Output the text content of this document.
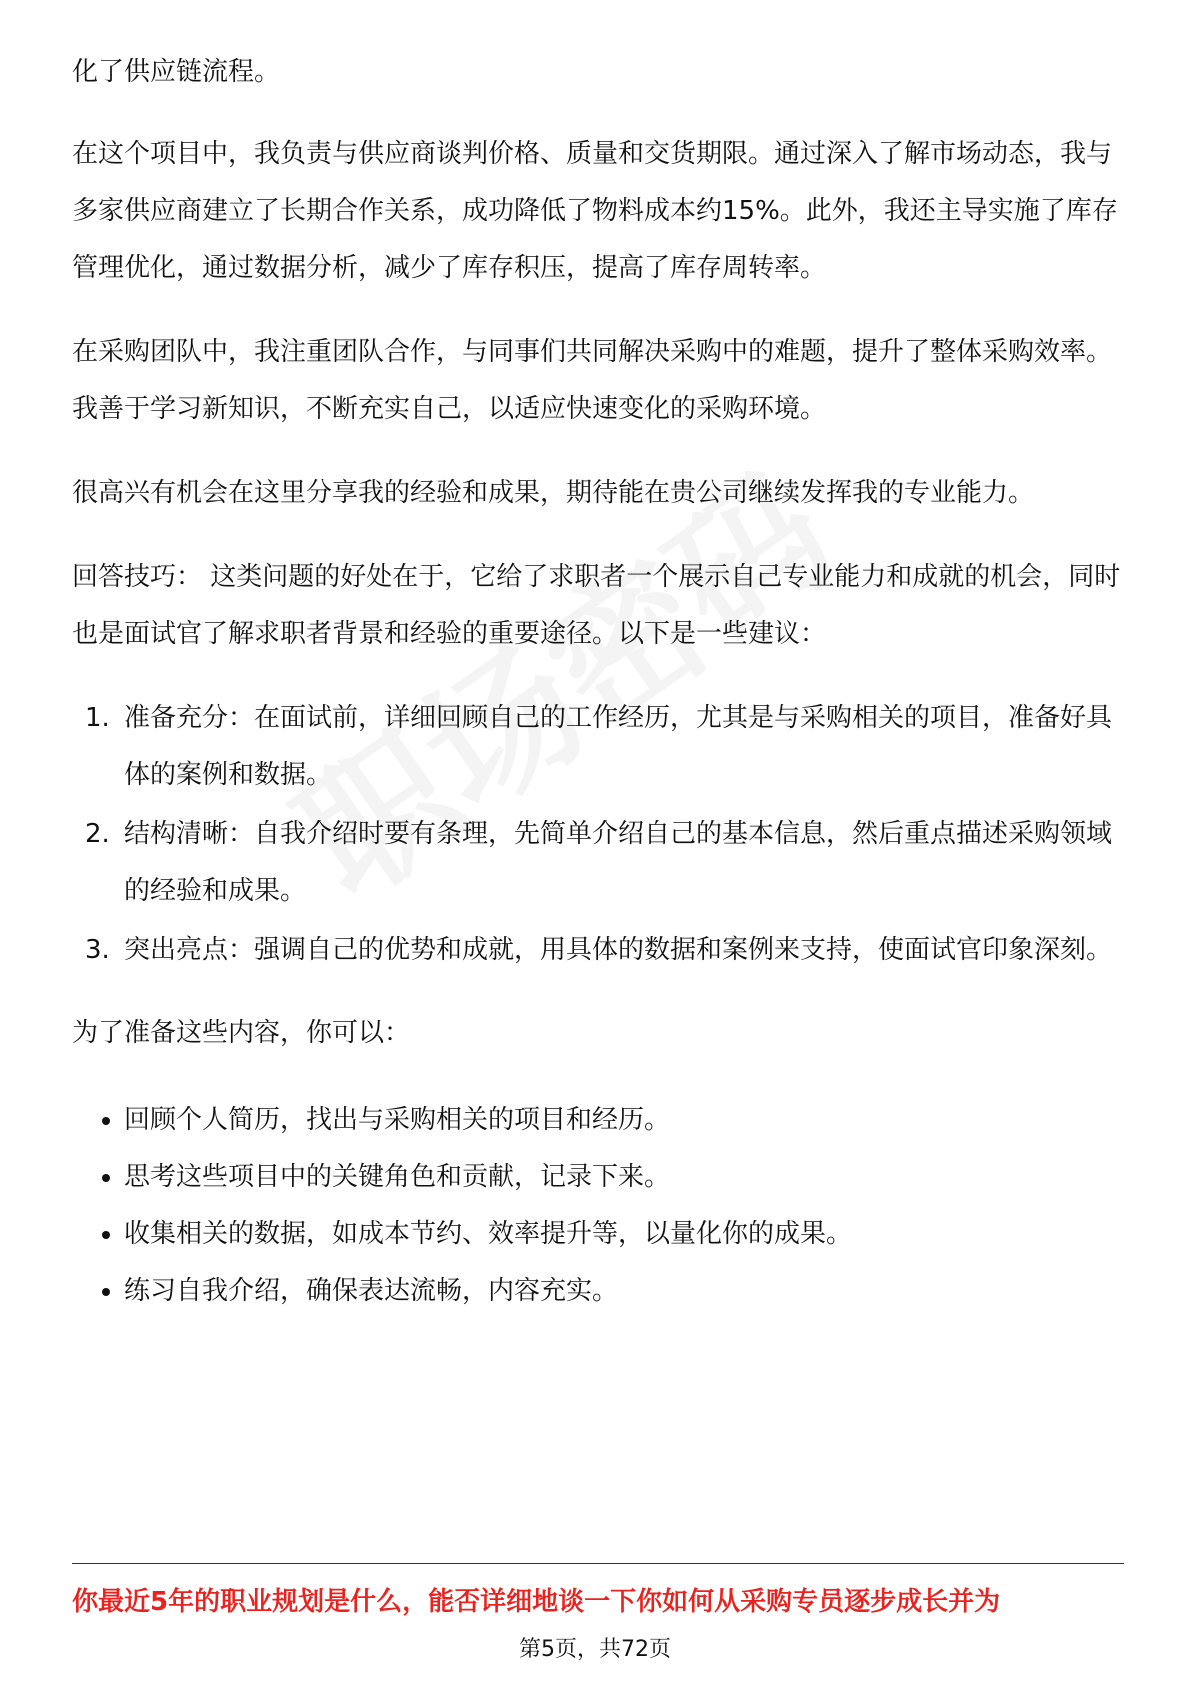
化了供应链流程。

在这个项目中，我负责与供应商谈判价格、质量和交货期限。通过深入了解市场动态，我与多家供应商建立了长期合作关系，成功降低了物料成本约15%。此外，我还主导实施了库存管理优化，通过数据分析，减少了库存积压，提高了库存周转率。

在采购团队中，我注重团队合作，与同事们共同解决采购中的难题，提升了整体采购效率。我善于学习新知识，不断充实自己，以适应快速变化的采购环境。

很高兴有机会在这里分享我的经验和成果，期待能在贵公司继续发挥我的专业能力。

回答技巧： 这类问题的好处在于，它给了求职者一个展示自己专业能力和成就的机会，同时也是面试官了解求职者背景和经验的重要途径。以下是一些建议：

1. 准备充分：在面试前，详细回顾自己的工作经历，尤其是与采购相关的项目，准备好具体的案例和数据。
2. 结构清晰：自我介绍时要有条理，先简单介绍自己的基本信息，然后重点描述采购领域的经验和成果。
3. 突出亮点：强调自己的优势和成就，用具体的数据和案例来支持，使面试官印象深刻。

为了准备这些内容，你可以：

回顾个人简历，找出与采购相关的项目和经历。
思考这些项目中的关键角色和贡献，记录下来。
收集相关的数据，如成本节约、效率提升等，以量化你的成果。
练习自我介绍，确保表达流畅，内容充实。
你最近5年的职业规划是什么，能否详细地谈一下你如何从采购专员逐步成长并为
第5页，共72页
